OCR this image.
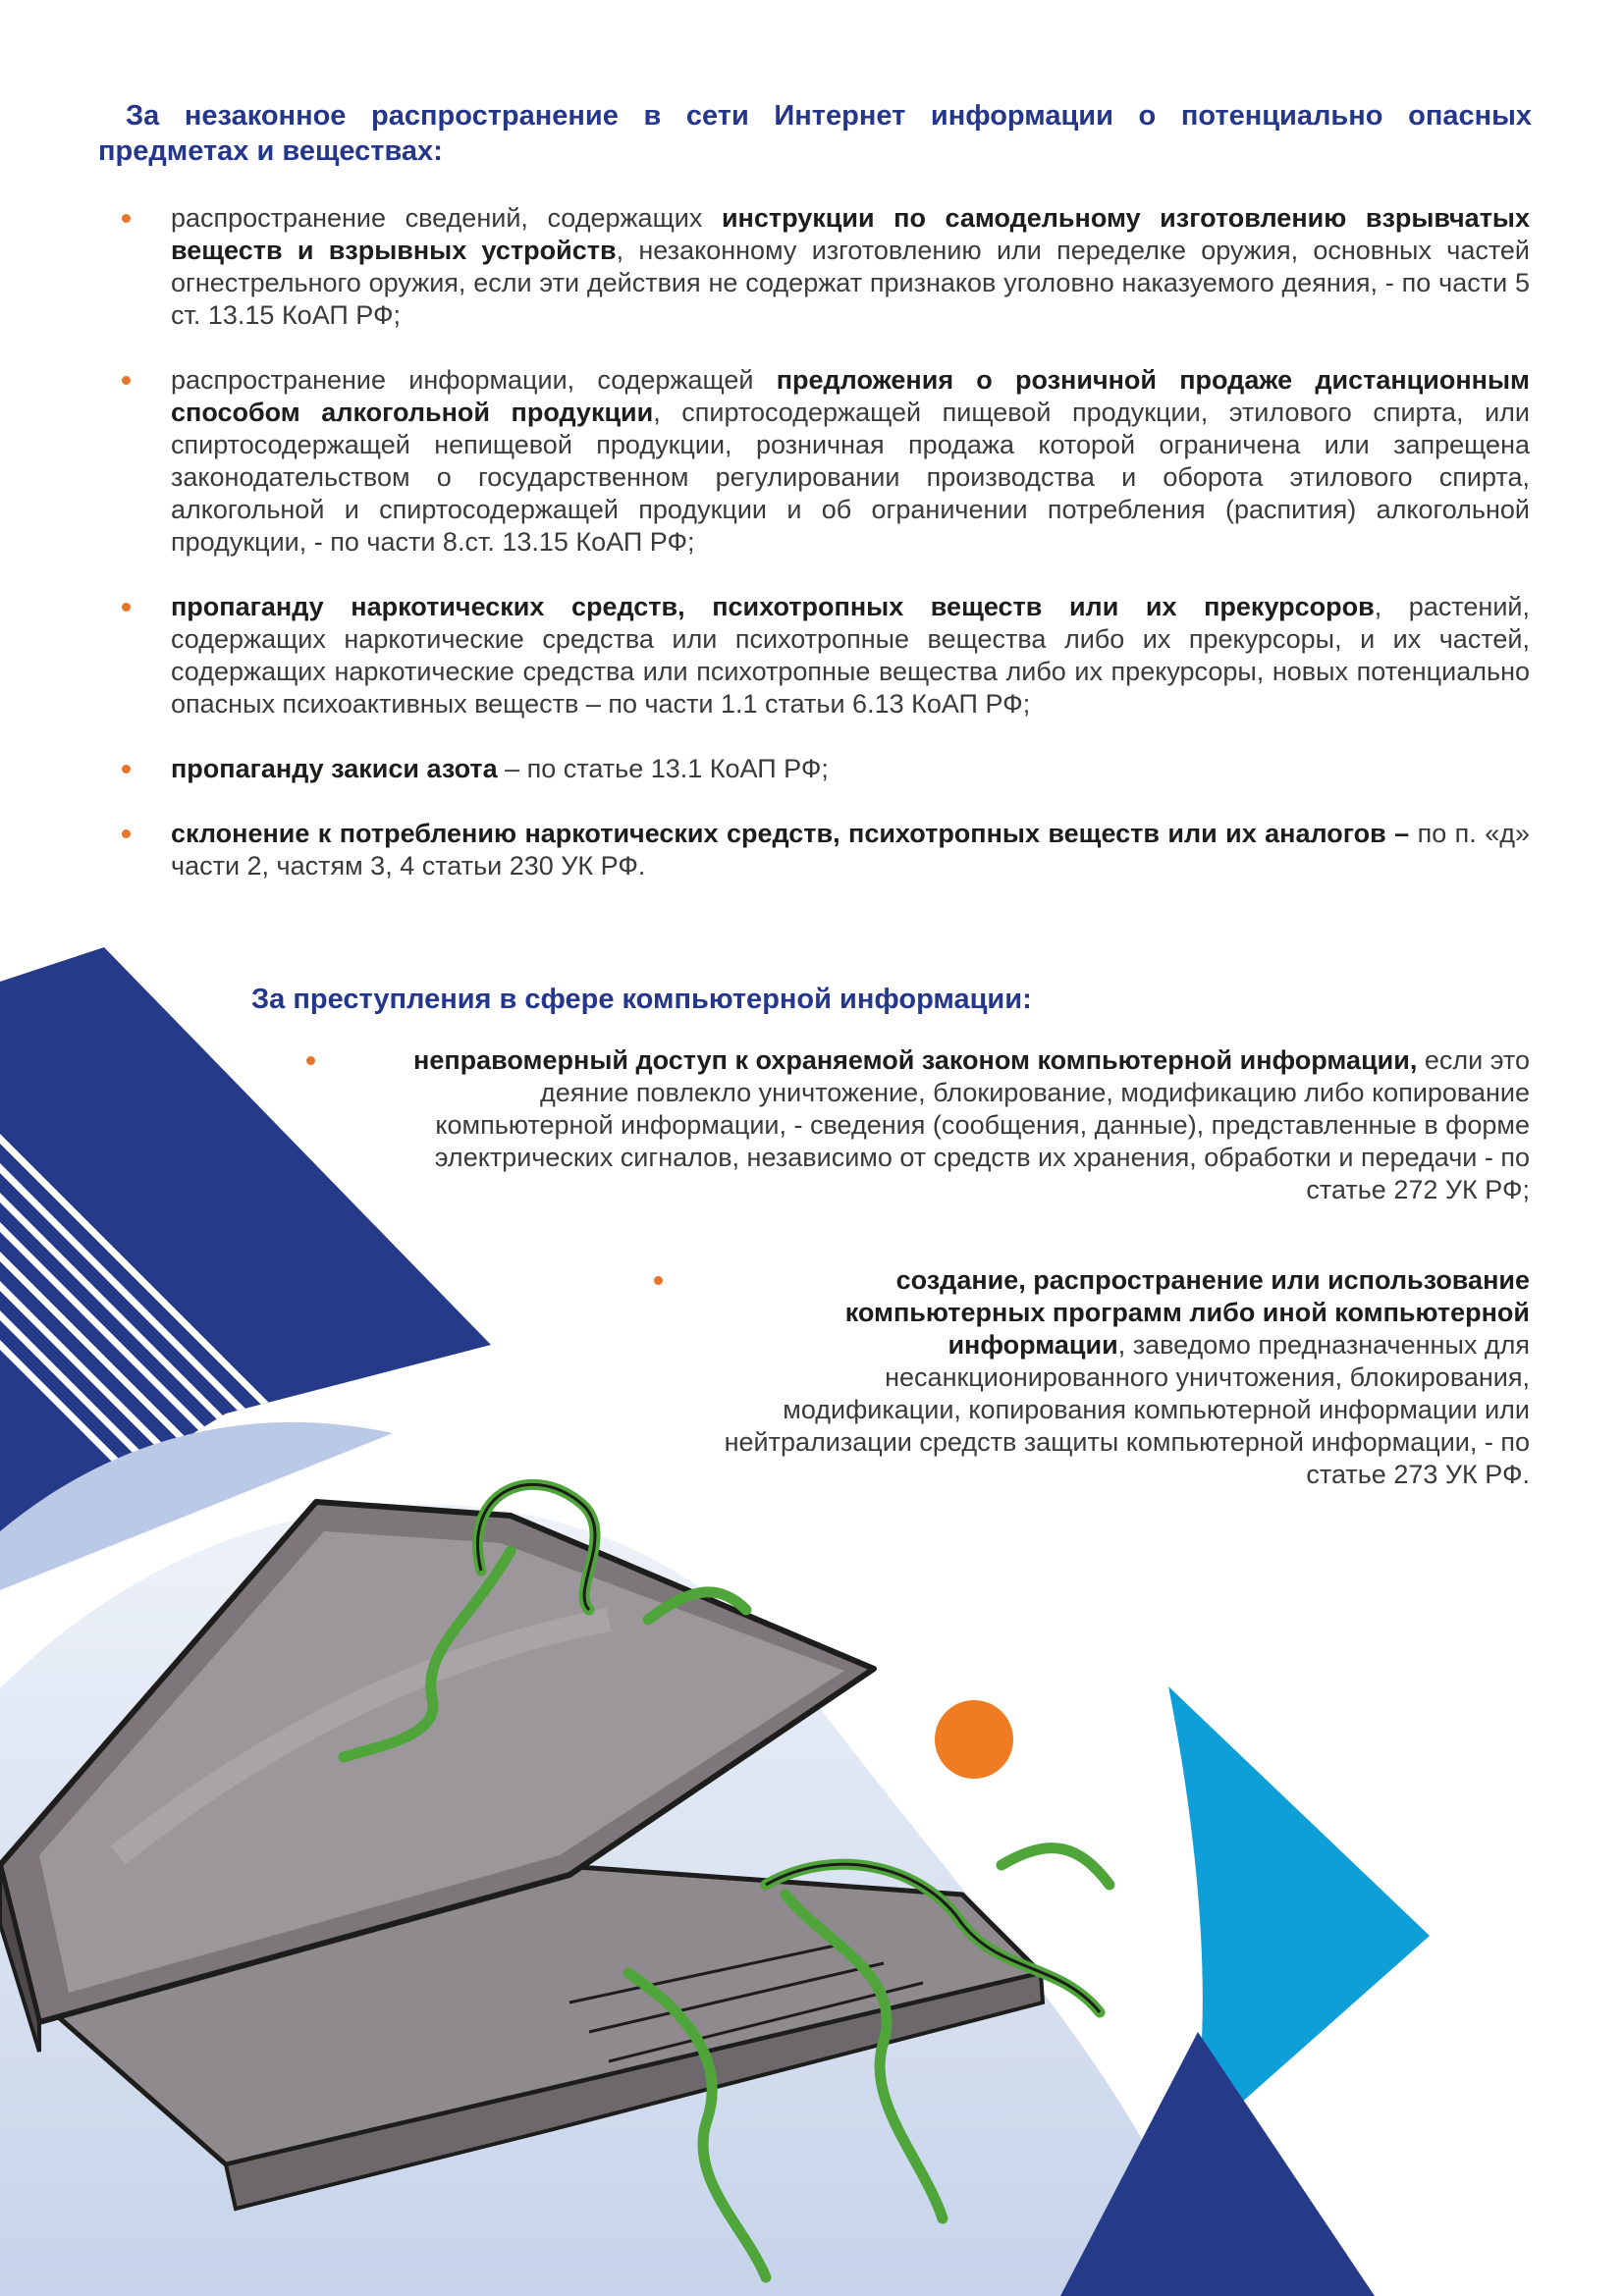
За незаконное распространение в сети Интернет информации о потенциально опасных предметах и веществах:
распространение сведений, содержащих инструкции по самодельному изготовлению взрывчатых веществ и взрывных устройств, незаконному изготовлению или переделке оружия, основных частей огнестрельного оружия, если эти действия не содержат признаков уголовно наказуемого деяния, - по части 5 ст. 13.15 КоАП РФ;
распространение информации, содержащей предложения о розничной продаже дистанционным способом алкогольной продукции, спиртосодержащей пищевой продукции, этилового спирта, или спиртосодержащей непищевой продукции, розничная продажа которой ограничена или запрещена законодательством о государственном регулировании производства и оборота этилового спирта, алкогольной и спиртосодержащей продукции и об ограничении потребления (распития) алкогольной продукции, - по части 8.ст. 13.15 КоАП РФ;
пропаганду наркотических средств, психотропных веществ или их прекурсоров, растений, содержащих наркотические средства или психотропные вещества либо их прекурсоры, и их частей, содержащих наркотические средства или психотропные вещества либо их прекурсоры, новых потенциально опасных психоактивных веществ – по части 1.1 статьи 6.13 КоАП РФ;
пропаганду закиси азота – по статье 13.1 КоАП РФ;
склонение к потреблению наркотических средств, психотропных веществ или их аналогов – по п. «д» части 2, частям 3, 4 статьи 230 УК РФ.
За преступления в сфере компьютерной информации:
неправомерный доступ к охраняемой законом компьютерной информации, если это деяние повлекло уничтожение, блокирование, модификацию либо копирование компьютерной информации, - сведения (сообщения, данные), представленные в форме электрических сигналов, независимо от средств их хранения, обработки и передачи - по статье 272 УК РФ;
создание, распространение или использование компьютерных программ либо иной компьютерной информации, заведомо предназначенных для несанкционированного уничтожения, блокирования, модификации, копирования компьютерной информации или нейтрализации средств защиты компьютерной информации, - по статье 273 УК РФ.
